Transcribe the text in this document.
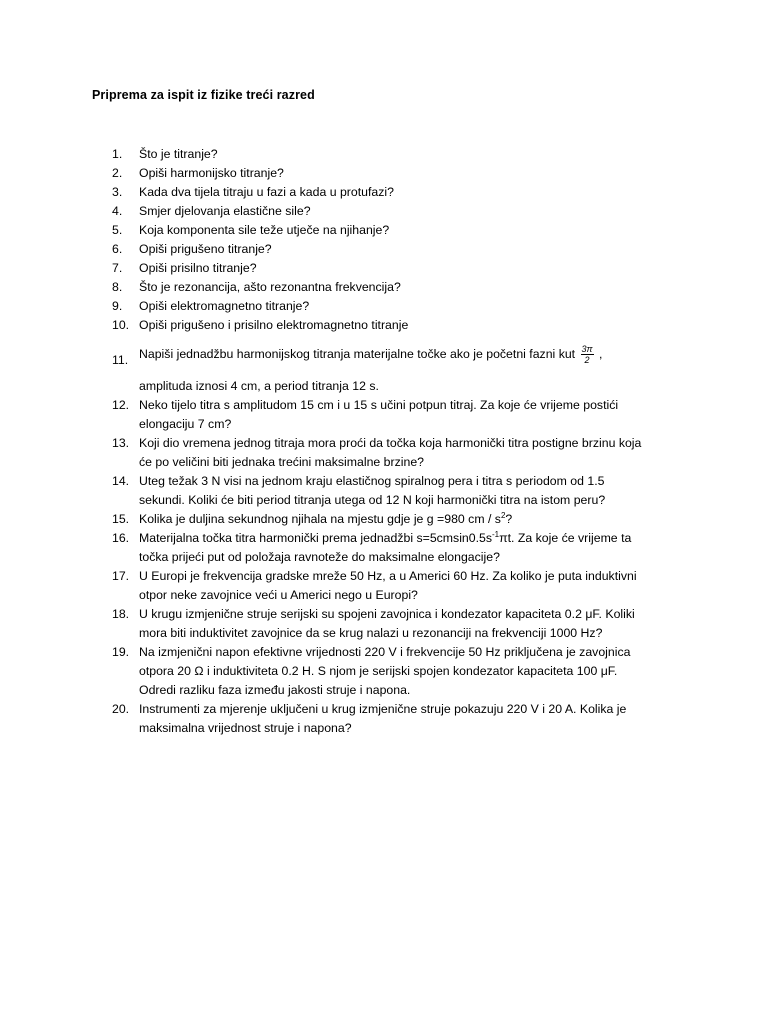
Priprema za ispit iz fizike treći razred
1.	Što je titranje?
2.	Opiši harmonijsko titranje?
3.	Kada dva tijela titraju u fazi a kada u protufazi?
4.	Smjer djelovanja elastične sile?
5.	Koja komponenta sile teže utječe na njihanje?
6.	Opiši prigušeno titranje?
7.	Opiši prisilno titranje?
8.	Što je rezonancija, ašto rezonantna frekvencija?
9.	Opiši elektromagnetno titranje?
10. Opiši prigušeno i prisilno elektromagnetno titranje
11. Napiši jednadžbu harmonijskog titranja materijalne točke ako je početni fazni kut $\frac{3\pi}{2}$ ,
amplituda iznosi 4 cm, a period titranja 12 s.
12. Neko tijelo titra s amplitudom 15 cm i u 15 s učini potpun titraj. Za koje će vrijeme postići
elongaciju 7 cm?
13. Koji dio vremena jednog titraja mora proći da točka koja harmonički titra postigne brzinu koja
će po veličini biti jednaka trećini maksimalne brzine?
14. Uteg težak 3 N visi na jednom kraju elastičnog spiralnog pera i titra s periodom od 1.5
sekundi. Koliki će biti period titranja utega od 12 N koji harmonički titra na istom peru?
15. Kolika je duljina sekundnog njihala na mjestu gdje je g =980 cm / $s^2$?
16. Materijalna točka titra harmonički prema jednadžbi $s=5cmsin0.5s^{-1}\pi t$. Za koje će vrijeme ta
točka prijeći put od položaja ravnoteže do maksimalne elongacije?
17. U Europi je frekvencija gradske mreže 50 Hz, a u Americi 60 Hz. Za koliko je puta induktivni
otpor neke zavojnice veći u Americi nego u Europi?
18. U krugu izmjenične struje serijski su spojeni zavojnica i kondezator kapaciteta 0.2 μF. Koliki
mora biti induktivitet zavojnice da se krug nalazi u rezonanciji na frekvenciji 1000 Hz?
19. Na izmjenični napon efektivne vrijednosti 220 V i frekvencije 50 Hz priključena je zavojnica
otpora 20 Ω i induktiviteta 0.2 H. S njom je serijski spojen kondezator kapaciteta 100 μF.
Odredi razliku faza između jakosti struje i napona.
20. Instrumenti za mjerenje uključeni u krug izmjenične struje pokazuju 220 V i 20 A. Kolika je
maksimalna vrijednost struje i napona?
